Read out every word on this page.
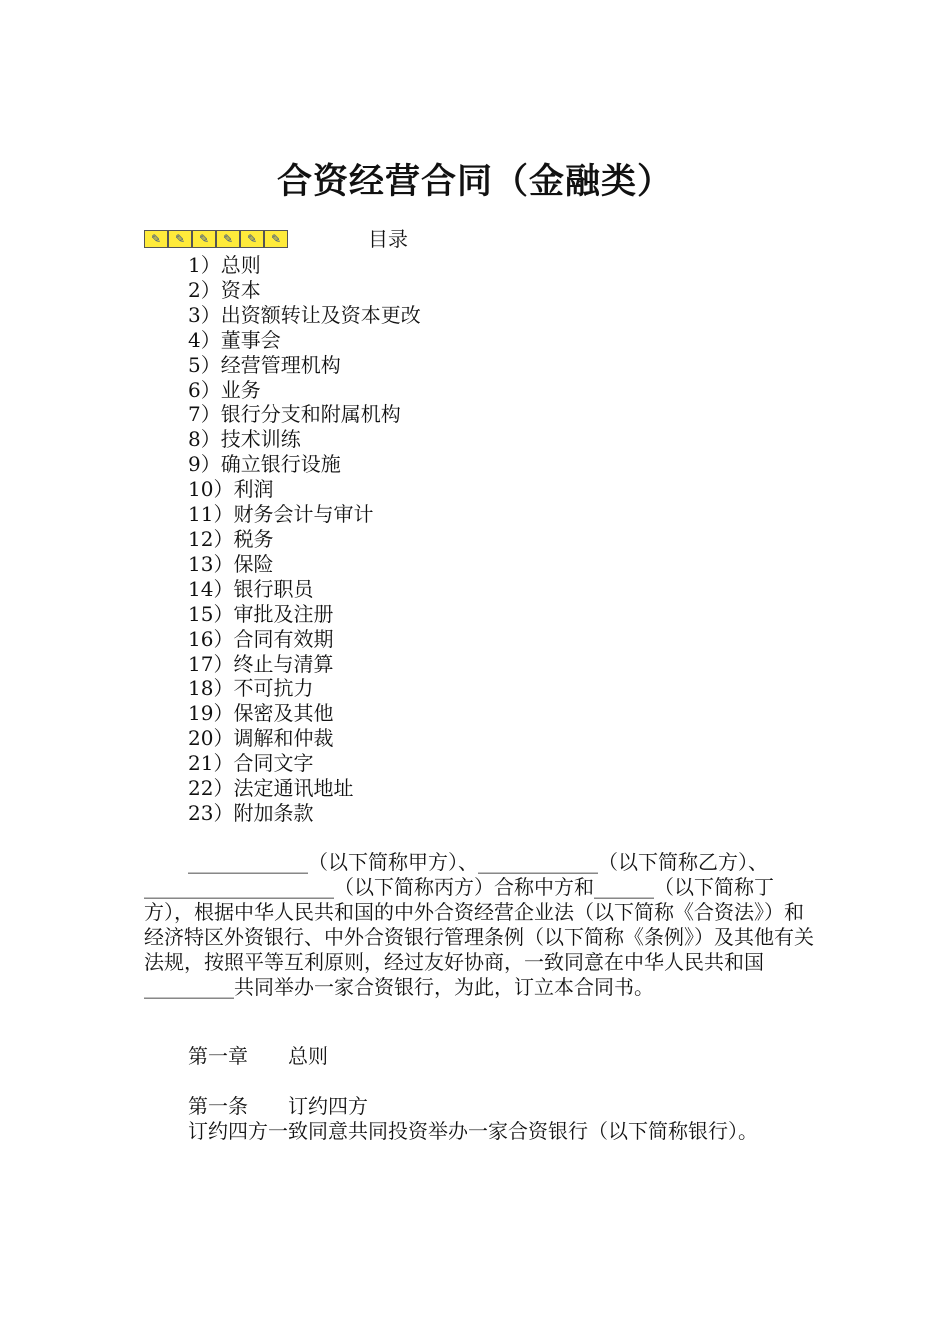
合资经营合同（金融类）
✎	✎	✎	✎	✎	✎	目录
1）总则
2）资本
3）出资额转让及资本更改
4）董事会
5）经营管理机构
6）业务
7）银行分支和附属机构
8）技术训练
9）确立银行设施
10）利润
11）财务会计与审计
12）税务
13）保险
14）银行职员
15）审批及注册
16）合同有效期
17）终止与清算
18）不可抗力
19）保密及其他
20）调解和仲裁
21）合同文字
22）法定通讯地址
23）附加条款

____________（以下简称甲方）、____________（以下简称乙方）、___________________（以下简称丙方）合称中方和______（以下简称丁方），根据中华人民共和国的中外合资经营企业法（以下简称《合资法》）和经济特区外资银行、中外合资银行管理条例（以下简称《条例》）及其他有关法规，按照平等互利原则，经过友好协商，一致同意在中华人民共和国_________共同举办一家合资银行，为此，订立本合同书。

第一章　　总则
第一条　　订约四方
订约四方一致同意共同投资举办一家合资银行（以下简称银行）。
